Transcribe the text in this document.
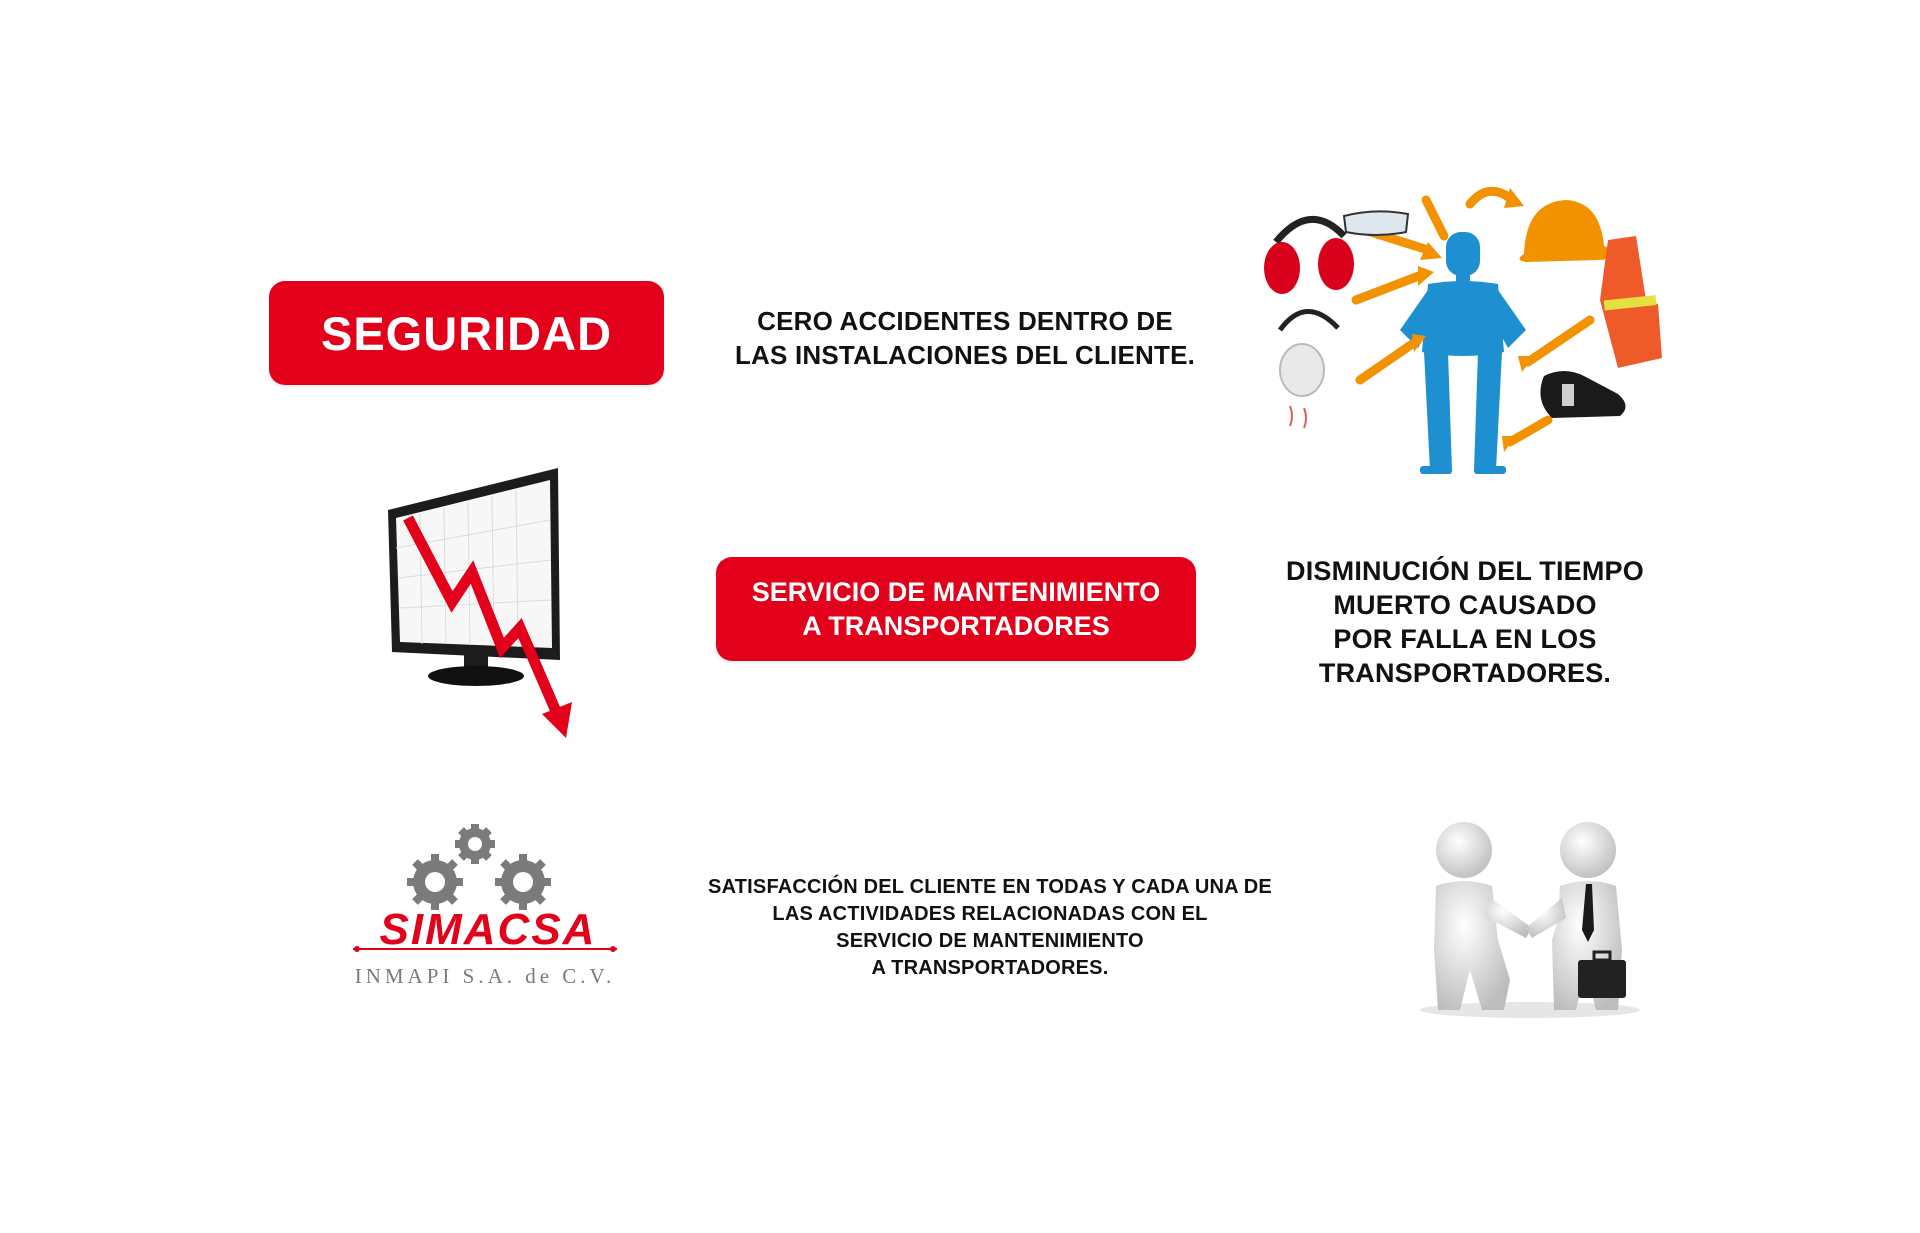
SEGURIDAD	CERO ACCIDENTES DENTRO DE
LAS INSTALACIONES DEL CLIENTE.
SERVICIO DE MANTENIMIENTO
A TRANSPORTADORES
DISMINUCIÓN DEL TIEMPO
MUERTO CAUSADO
POR FALLA EN LOS
TRANSPORTADORES.
SIMACSA
INMAPI S.A. de C.V.
SATISFACCIÓN DEL CLIENTE EN TODAS Y CADA UNA DE
LAS ACTIVIDADES RELACIONADAS CON EL
SERVICIO DE MANTENIMIENTO
A TRANSPORTADORES.
